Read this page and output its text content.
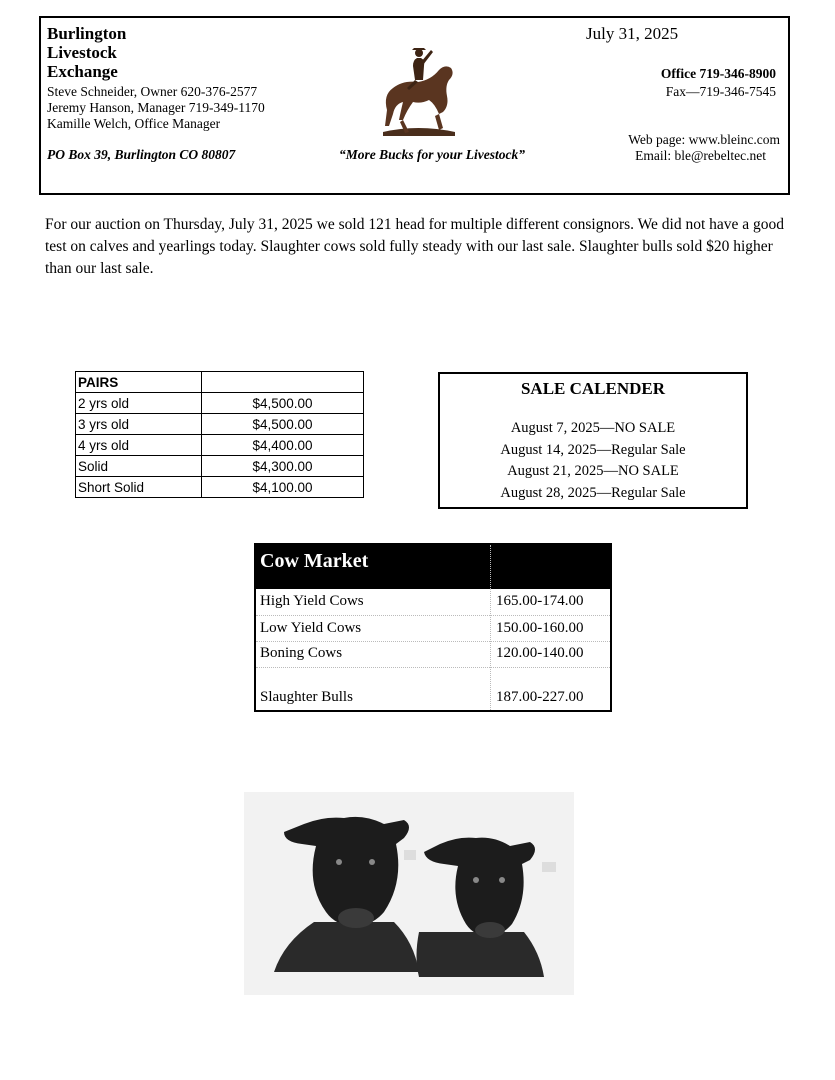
Burlington
Livestock
Exchange
Steve Schneider, Owner 620-376-2577
Jeremy Hanson, Manager 719-349-1170
Kamille Welch, Office Manager
PO Box 39, Burlington CO 80807	“More Bucks for your Livestock”
July 31, 2025
Office 719-346-8900
Fax—719-346-7545
Web page: www.bleinc.com
Email: ble@rebeltec.net
For our auction on Thursday, July 31, 2025 we sold 121 head for multiple different consignors. We did not have a good test on calves and yearlings today. Slaughter cows sold fully steady with our last sale. Slaughter bulls sold $20 higher than our last sale.
PAIRS	
2 yrs old	$4,500.00
3 yrs old	$4,500.00
4 yrs old	$4,400.00
Solid	$4,300.00
Short Solid	$4,100.00
SALE CALENDER
August 7, 2025—NO SALE
August 14, 2025—Regular Sale
August 21, 2025—NO SALE
August 28, 2025—Regular Sale
Cow Market
High Yield Cows	165.00-174.00
Low Yield Cows	150.00-160.00
Boning Cows	120.00-140.00
Slaughter Bulls	187.00-227.00
